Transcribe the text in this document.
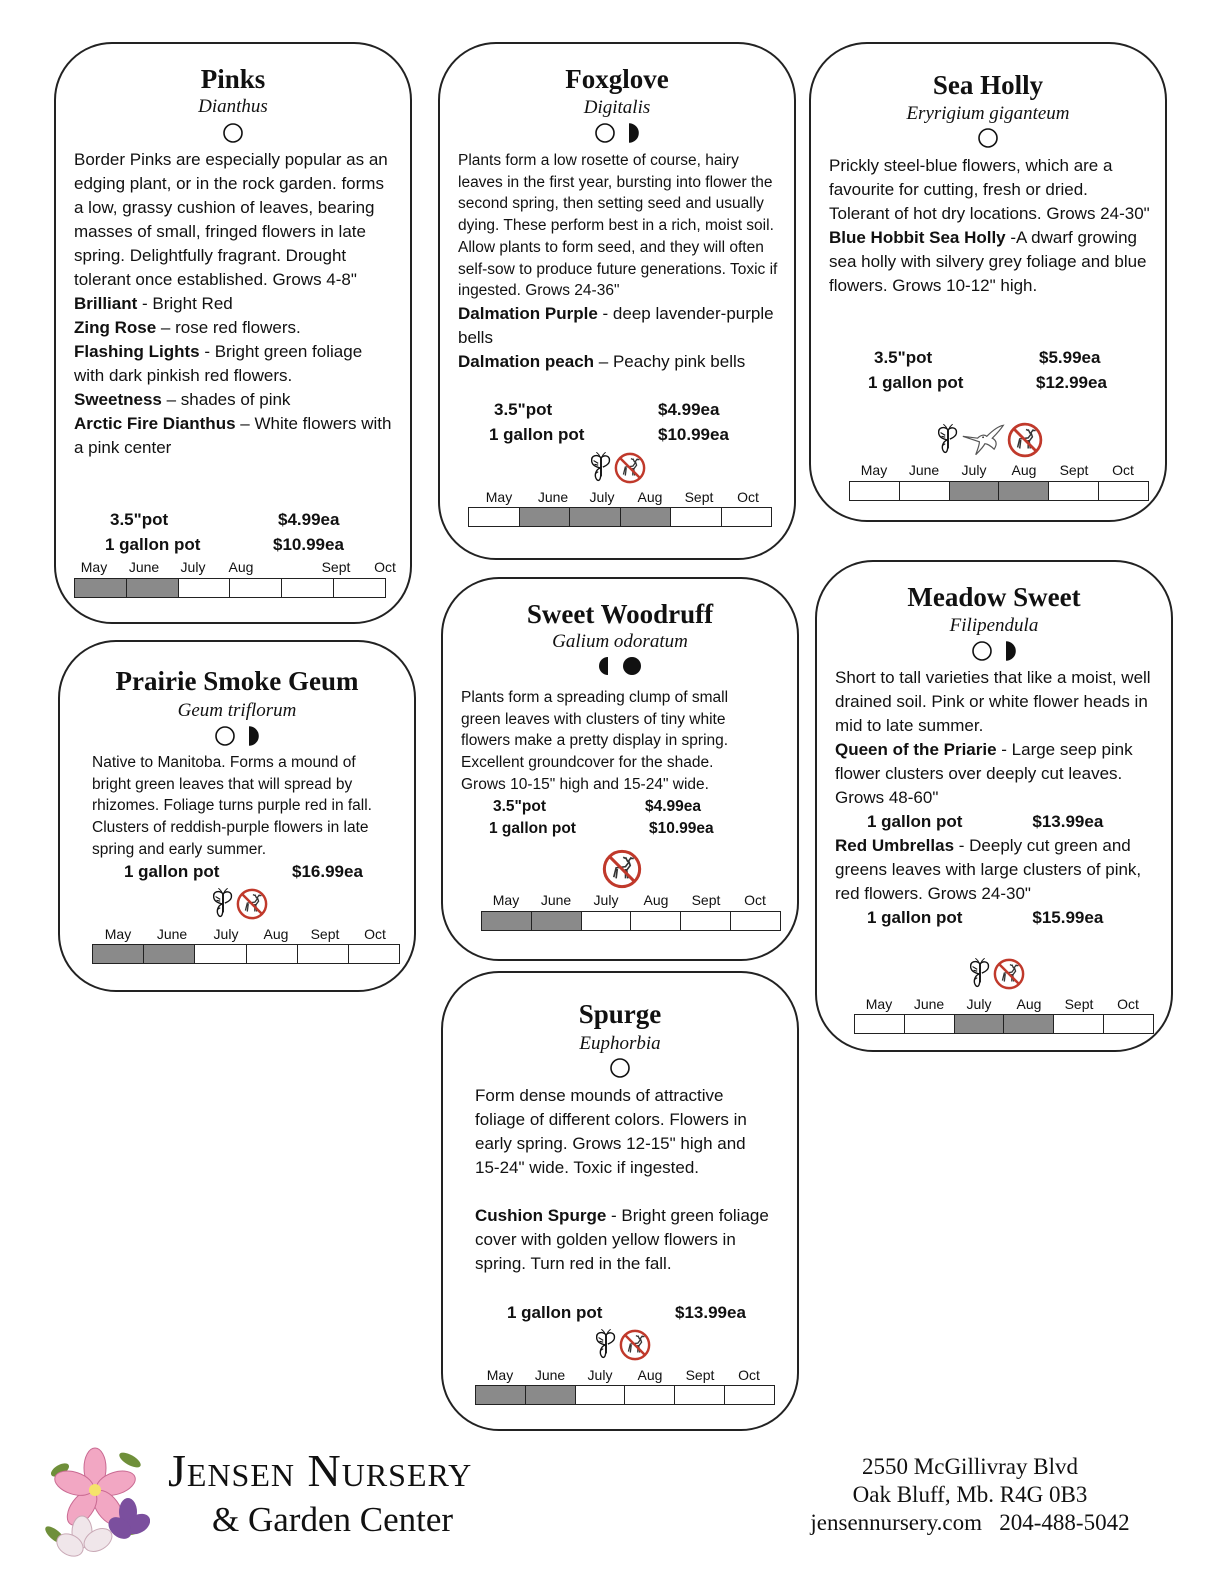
Pinks
Dianthus

Border Pinks are especially popular as an edging plant, or in the rock garden. forms a low, grassy cushion of leaves, bearing masses of small, fringed flowers in late spring. Delightfully fragrant. Drought tolerant once established. Grows 4-8"

Brilliant - Bright Red

Zing Rose – rose red flowers.

Flashing Lights - Bright green foliage with dark pinkish red flowers.

Sweetness – shades of pink

Arctic Fire Dianthus – White flowers with a pink center

3.5"pot	$4.99ea
1 gallon pot	$10.99ea
May June July Aug	Sept Oct
Foxglove
Digitalis

Plants form a low rosette of course, hairy leaves in the first year, bursting into flower the second spring, then setting seed and usually dying. These perform best in a rich, moist soil. Allow plants to form seed, and they will often self-sow to produce future generations. Toxic if ingested. Grows 24-36"

Dalmation Purple - deep lavender-purple bells

Dalmation peach – Peachy pink bells

3.5"pot	$4.99ea
1 gallon pot	$10.99ea
May June July Aug Sept Oct
Sea Holly
Eryrigium giganteum

Prickly steel-blue flowers, which are a favourite for cutting, fresh or dried. Tolerant of hot dry locations. Grows 24-30"

Blue Hobbit Sea Holly -A dwarf growing sea holly with silvery grey foliage and blue flowers. Grows 10-12" high.

3.5"pot	$5.99ea
1 gallon pot	$12.99ea
May June July Aug Sept Oct
Prairie Smoke Geum
Geum triflorum

Native to Manitoba. Forms a mound of bright green leaves that will spread by rhizomes. Foliage turns purple red in fall. Clusters of reddish-purple flowers in late spring and early summer.

1 gallon pot	$16.99ea
May June July Aug Sept Oct
Sweet Woodruff
Galium odoratum

Plants form a spreading clump of small green leaves with clusters of tiny white flowers make a pretty display in spring. Excellent groundcover for the shade. Grows 10-15" high and 15-24" wide.

3.5"pot	$4.99ea
1 gallon pot	$10.99ea
May June July Aug Sept Oct
Meadow Sweet
Filipendula

Short to tall varieties that like a moist, well drained soil. Pink or white flower heads in mid to late summer.

Queen of the Priarie - Large seep pink flower clusters over deeply cut leaves. Grows 48-60"

1 gallon pot	$13.99ea

Red Umbrellas - Deeply cut green and greens leaves with large clusters of pink, red flowers. Grows 24-30"

1 gallon pot	$15.99ea

May June July Aug Sept Oct
Spurge
Euphorbia

Form dense mounds of attractive foliage of different colors. Flowers in early spring. Grows 12-15" high and 15-24" wide. Toxic if ingested.

Cushion Spurge - Bright green foliage cover with golden yellow flowers in spring. Turn red in the fall.

1 gallon pot	$13.99ea
May June July Aug Sept Oct
Jensen Nursery
& Garden Center
2550 McGillivray Blvd
Oak Bluff, Mb. R4G 0B3
jensennursery.com 204-488-5042
